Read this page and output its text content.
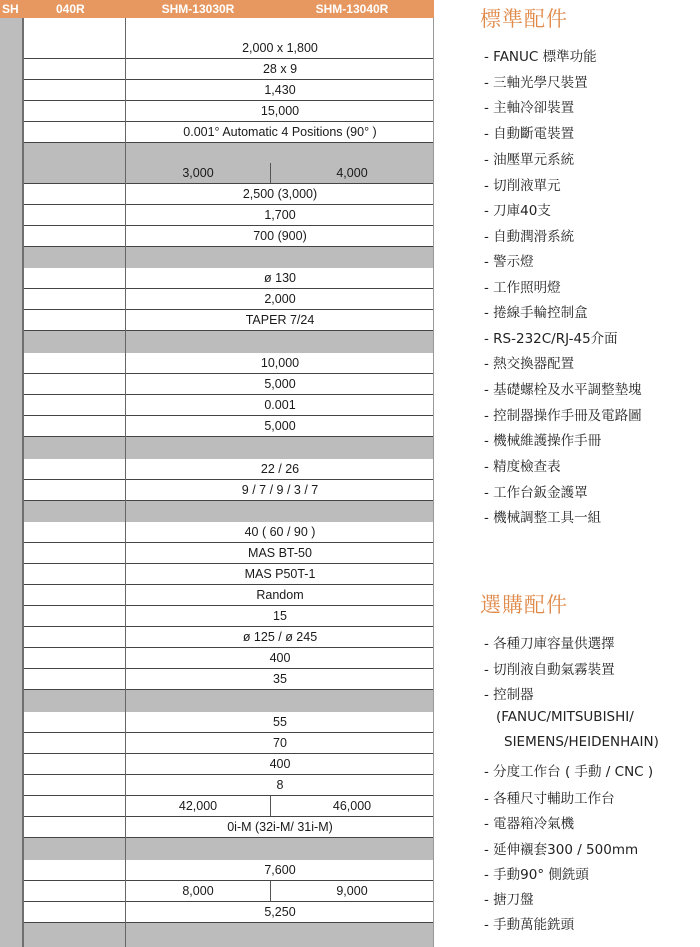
SH	040R	SHM-13030R	SHM-13040R
2,000 x 1,800
28 x 9
1,430
15,000
0.001° Automatic 4 Positions (90° )
3,000	4,000
2,500 (3,000)
1,700
700 (900)
ø 130
2,000
TAPER 7/24
10,000
5,000
0.001
5,000
22 / 26
9 / 7 / 9 / 3 / 7
40 ( 60 / 90 )
MAS BT-50
MAS P50T-1
Random
15
ø 125 / ø 245
400
35
55
70
400
8
42,000	46,000
0i-M (32i-M/ 31i-M)
7,600
8,000	9,000
5,250
標準配件
- FANUC 標準功能
- 三軸光學尺裝置
- 主軸冷卻裝置
- 自動斷電裝置
- 油壓單元系統
- 切削液單元
- 刀庫40支
- 自動潤滑系統
- 警示燈
- 工作照明燈
- 捲線手輪控制盒
- RS-232C/RJ-45介面
- 熱交換器配置
- 基礎螺栓及水平調整墊塊
- 控制器操作手冊及電路圖
- 機械維護操作手冊
- 精度檢查表
- 工作台鈑金護罩
- 機械調整工具一組
選購配件
- 各種刀庫容量供選擇
- 切削液自動氣霧裝置
- 控制器
(FANUC/MITSUBISHI/
SIEMENS/HEIDENHAIN)
- 分度工作台 ( 手動 / CNC )
- 各種尺寸輔助工作台
- 電器箱冷氣機
- 延伸襯套300 / 500mm
- 手動90° 側銑頭
- 搪刀盤
- 手動萬能銑頭
